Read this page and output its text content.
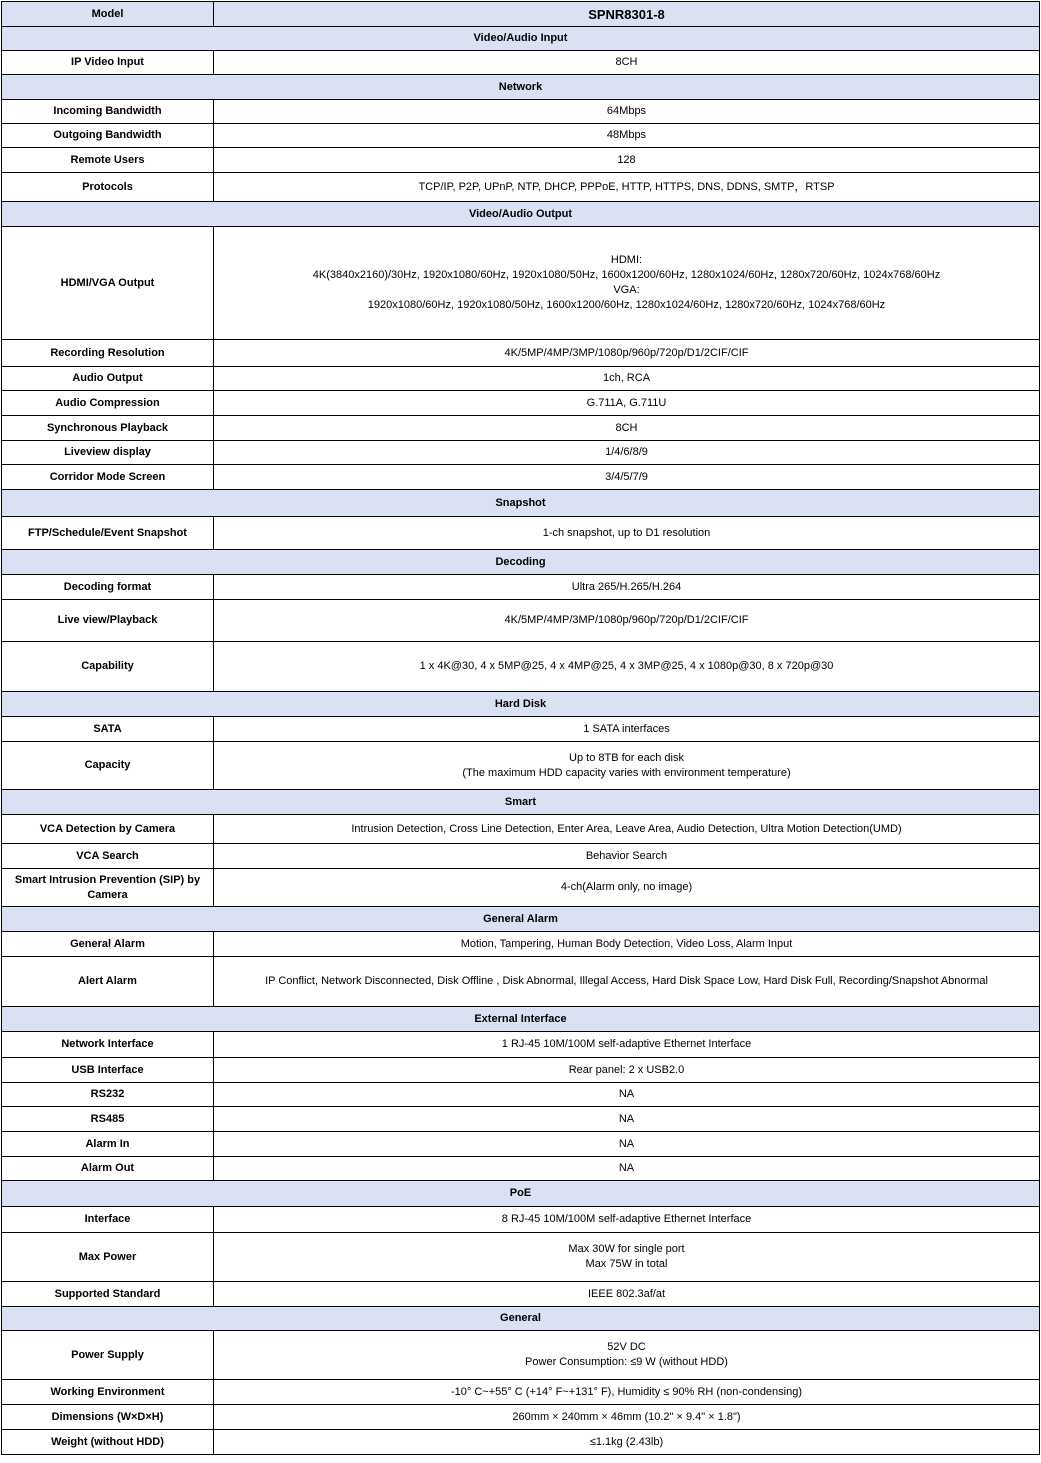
Model	SPNR8301-8
Video/Audio Input	
IP Video Input	8CH
Network	
Incoming Bandwidth	64Mbps
Outgoing Bandwidth	48Mbps
Remote Users	128
Protocols	TCP/IP, P2P, UPnP, NTP, DHCP, PPPoE, HTTP, HTTPS, DNS, DDNS, SMTP，RTSP
Video/Audio Output	
HDMI/VGA Output	HDMI:
4K(3840x2160)/30Hz, 1920x1080/60Hz, 1920x1080/50Hz, 1600x1200/60Hz, 1280x1024/60Hz, 1280x720/60Hz, 1024x768/60Hz
VGA:
1920x1080/60Hz, 1920x1080/50Hz, 1600x1200/60Hz, 1280x1024/60Hz, 1280x720/60Hz, 1024x768/60Hz
Recording Resolution	4K/5MP/4MP/3MP/1080p/960p/720p/D1/2CIF/CIF
Audio Output	1ch, RCA
Audio Compression	G.711A, G.711U
Synchronous Playback	8CH
Liveview display	1/4/6/8/9
Corridor Mode Screen	3/4/5/7/9
Snapshot	
FTP/Schedule/Event Snapshot	1-ch snapshot, up to D1 resolution
Decoding	
Decoding format	Ultra 265/H.265/H.264
Live view/Playback	4K/5MP/4MP/3MP/1080p/960p/720p/D1/2CIF/CIF
Capability	1 x 4K@30, 4 x 5MP@25, 4 x 4MP@25, 4 x 3MP@25, 4 x 1080p@30, 8 x 720p@30
Hard Disk	
SATA	1 SATA interfaces
Capacity	Up to 8TB for each disk
(The maximum HDD capacity varies with environment temperature)
Smart	
VCA Detection by Camera	Intrusion Detection, Cross Line Detection, Enter Area, Leave Area, Audio Detection, Ultra Motion Detection(UMD)
VCA Search	Behavior Search
Smart Intrusion Prevention (SIP) by Camera	4-ch(Alarm only, no image)
General Alarm	
General Alarm	Motion, Tampering, Human Body Detection, Video Loss, Alarm Input
Alert Alarm	IP Conflict, Network Disconnected, Disk Offline , Disk Abnormal, Illegal Access, Hard Disk Space Low, Hard Disk Full, Recording/Snapshot Abnormal
External Interface	
Network Interface	1 RJ-45 10M/100M self-adaptive Ethernet Interface
USB Interface	Rear panel: 2 x USB2.0
RS232	NA
RS485	NA
Alarm In	NA
Alarm Out	NA
PoE	
Interface	8 RJ-45 10M/100M self-adaptive Ethernet Interface
Max Power	Max 30W for single port
Max 75W in total
Supported Standard	IEEE 802.3af/at
General	
Power Supply	52V DC
Power Consumption: ≤9 W (without HDD)
Working Environment	-10° C~+55° C (+14° F~+131° F), Humidity ≤ 90% RH (non-condensing)
Dimensions (W×D×H)	260mm × 240mm × 46mm (10.2" × 9.4" × 1.8")
Weight (without HDD)	≤1.1kg (2.43lb)
